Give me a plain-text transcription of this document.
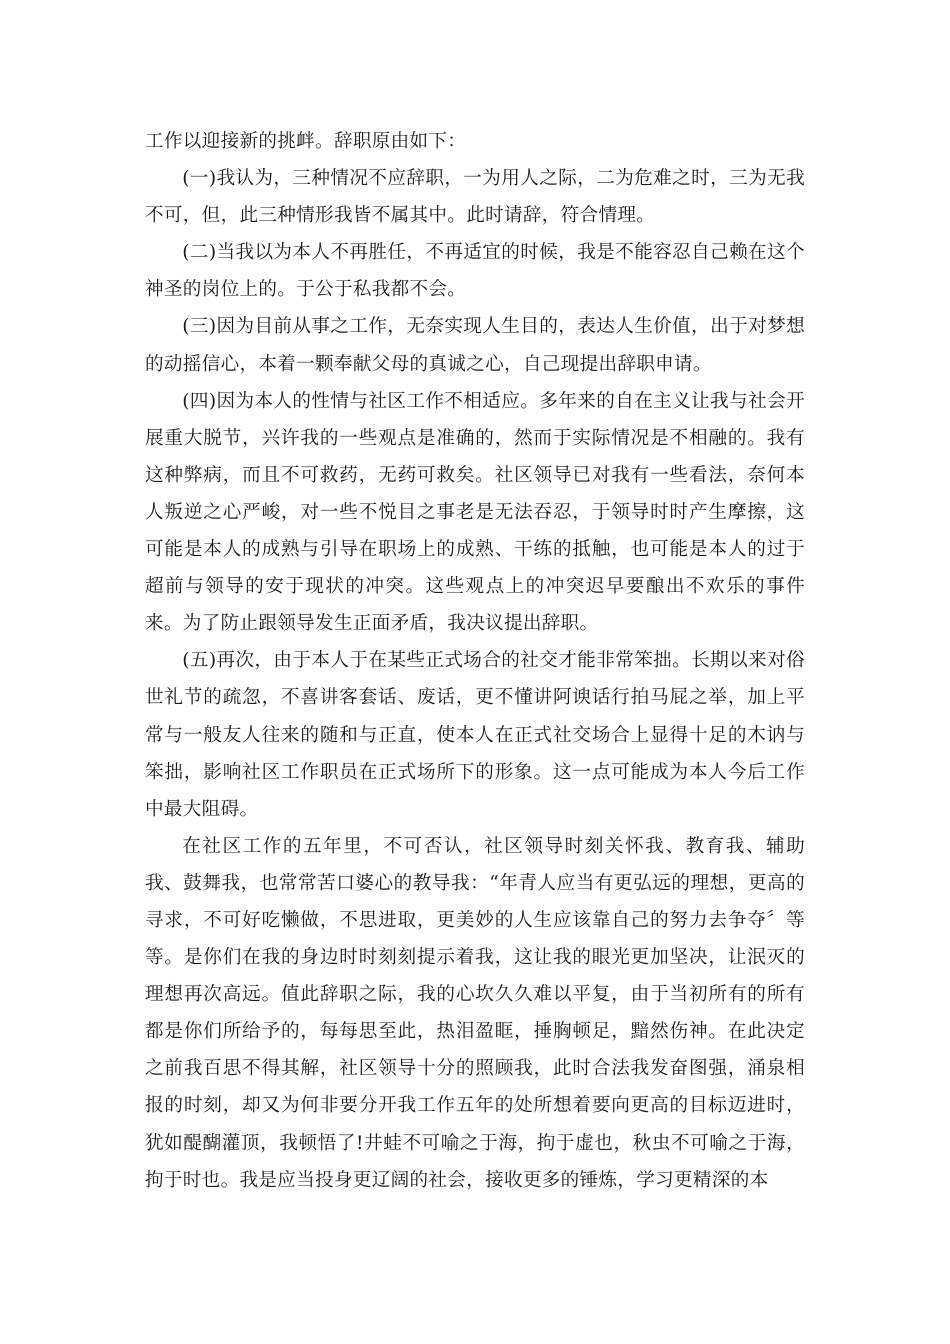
工作以迎接新的挑衅。辞职原由如下：

(一)我认为，三种情况不应辞职，一为用人之际，二为危难之时，三为无我不可，但，此三种情形我皆不属其中。此时请辞，符合情理。

(二)当我以为本人不再胜任，不再适宜的时候，我是不能容忍自己赖在这个神圣的岗位上的。于公于私我都不会。

(三)因为目前从事之工作，无奈实现人生目的，表达人生价值，出于对梦想的动摇信心，本着一颗奉献父母的真诚之心，自己现提出辞职申请。

(四)因为本人的性情与社区工作不相适应。多年来的自在主义让我与社会开展重大脱节，兴许我的一些观点是准确的，然而于实际情况是不相融的。我有这种弊病，而且不可救药，无药可救矣。社区领导已对我有一些看法，奈何本人叛逆之心严峻，对一些不悦目之事老是无法吞忍，于领导时时产生摩擦，这可能是本人的成熟与引导在职场上的成熟、干练的抵触，也可能是本人的过于超前与领导的安于现状的冲突。这些观点上的冲突迟早要酿出不欢乐的事件来。为了防止跟领导发生正面矛盾，我决议提出辞职。

(五)再次，由于本人于在某些正式场合的社交才能非常笨拙。长期以来对俗世礼节的疏忽，不喜讲客套话、废话，更不懂讲阿谀话行拍马屁之举，加上平常与一般友人往来的随和与正直，使本人在正式社交场合上显得十足的木讷与笨拙，影响社区工作职员在正式场所下的形象。这一点可能成为本人今后工作中最大阻碍。

在社区工作的五年里，不可否认，社区领导时刻关怀我、教育我、辅助我、鼓舞我，也常常苦口婆心的教导我：“年青人应当有更弘远的理想，更高的寻求，不可好吃懒做，不思进取，更美妙的人生应该靠自己的努力去争夺〞等等。是你们在我的身边时时刻刻提示着我，这让我的眼光更加坚决，让泯灭的理想再次高远。值此辞职之际，我的心坎久久难以平复，由于当初所有的所有都是你们所给予的，每每思至此，热泪盈眶，捶胸顿足，黯然伤神。在此决定之前我百思不得其解，社区领导十分的照顾我，此时合法我发奋图强，涌泉相报的时刻，却又为何非要分开我工作五年的处所想着要向更高的目标迈进时，犹如醍醐灌顶，我顿悟了!井蛙不可喻之于海，拘于虚也，秋虫不可喻之于海，拘于时也。我是应当投身更辽阔的社会，接收更多的锤炼，学习更精深的本
